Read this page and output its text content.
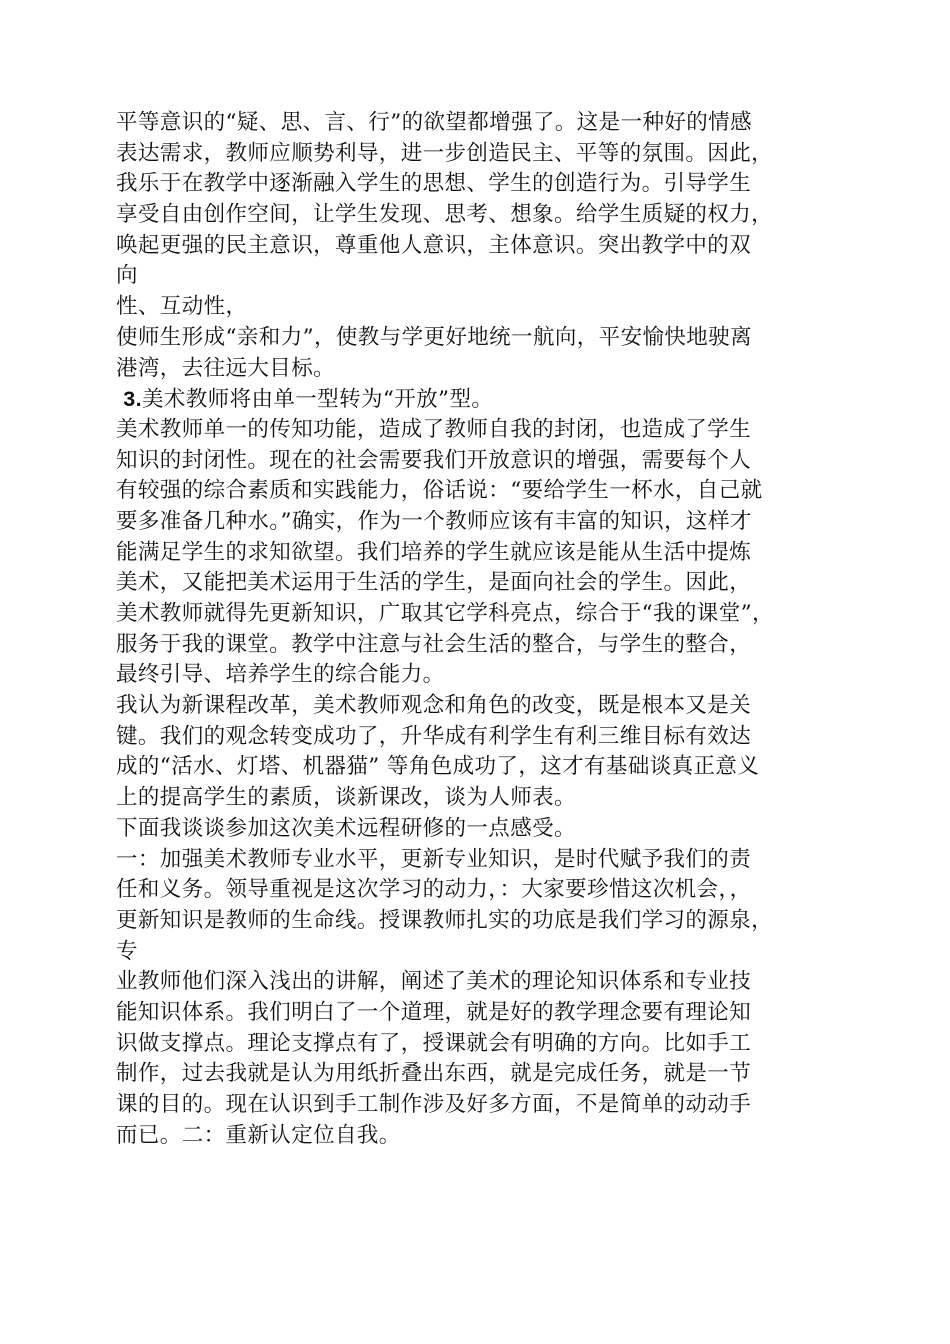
平等意识的“疑、思、言、行”的欲望都增强了。这是一种好的情感
表达需求，教师应顺势利导，进一步创造民主、平等的氛围。因此，
我乐于在教学中逐渐融入学生的思想、学生的创造行为。引导学生
享受自由创作空间，让学生发现、思考、想象。给学生质疑的权力，
唤起更强的民主意识，尊重他人意识，主体意识。突出教学中的双
向
性、互动性，
使师生形成“亲和力”，使教与学更好地统一航向，平安愉快地驶离
港湾，去往远大目标。
3.美术教师将由单一型转为“开放”型。
美术教师单一的传知功能，造成了教师自我的封闭，也造成了学生
知识的封闭性。现在的社会需要我们开放意识的增强，需要每个人
有较强的综合素质和实践能力，俗话说：“要给学生一杯水，自己就
要多准备几种水。”确实，作为一个教师应该有丰富的知识，这样才
能满足学生的求知欲望。我们培养的学生就应该是能从生活中提炼
美术，又能把美术运用于生活的学生，是面向社会的学生。因此，
美术教师就得先更新知识，广取其它学科亮点，综合于“我的课堂”，
服务于我的课堂。教学中注意与社会生活的整合，与学生的整合，
最终引导、培养学生的综合能力。
我认为新课程改革，美术教师观念和角色的改变，既是根本又是关
键。我们的观念转变成功了，升华成有利学生有利三维目标有效达
成的“活水、灯塔、机器猫” 等角色成功了，这才有基础谈真正意义
上的提高学生的素质，谈新课改，谈为人师表。
下面我谈谈参加这次美术远程研修的一点感受。
一：加强美术教师专业水平，更新专业知识，是时代赋予我们的责
任和义务。领导重视是这次学习的动力，：大家要珍惜这次机会，，
更新知识是教师的生命线。授课教师扎实的功底是我们学习的源泉，
专
业教师他们深入浅出的讲解，阐述了美术的理论知识体系和专业技
能知识体系。我们明白了一个道理，就是好的教学理念要有理论知
识做支撑点。理论支撑点有了，授课就会有明确的方向。比如手工
制作，过去我就是认为用纸折叠出东西，就是完成任务，就是一节
课的目的。现在认识到手工制作涉及好多方面，不是简单的动动手
而已。二：重新认定位自我。
